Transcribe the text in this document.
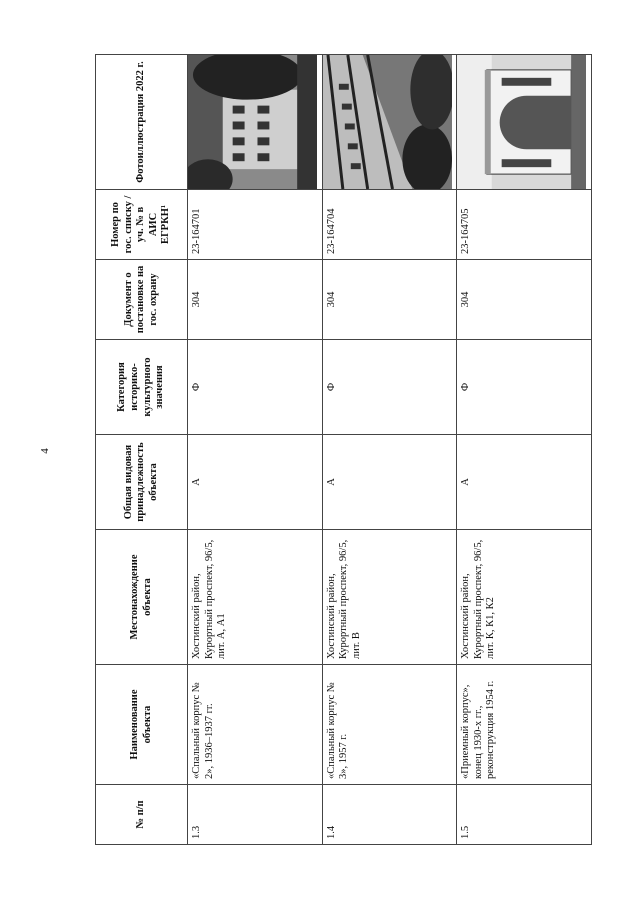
4
№ п/п	Наименование объекта	Местонахождение объекта	Общая видовая принадлежность объекта	Категория историко-культурного значения	Документ о постановке на гос. охрану	Номер по гос. списку /уч. № в АИС ЕГРКН¹	Фотоиллюстрация 2022 г.
1.3	«Спальный корпус № 2», 1936–1937 гг.	Хостинский район, Курортный проспект, 96/5, лит. А, А1	А	Ф	304	23-164701	
1.4	«Спальный корпус № 3», 1957 г.	Хостинский район, Курортный проспект, 96/5, лит. В	А	Ф	304	23-164704	
1.5	«Приемный корпус», конец 1930-х гг., реконструкция 1954 г.	Хостинский район, Курортный проспект, 96/5, лит. К, К1, К2	А	Ф	304	23-164705	
